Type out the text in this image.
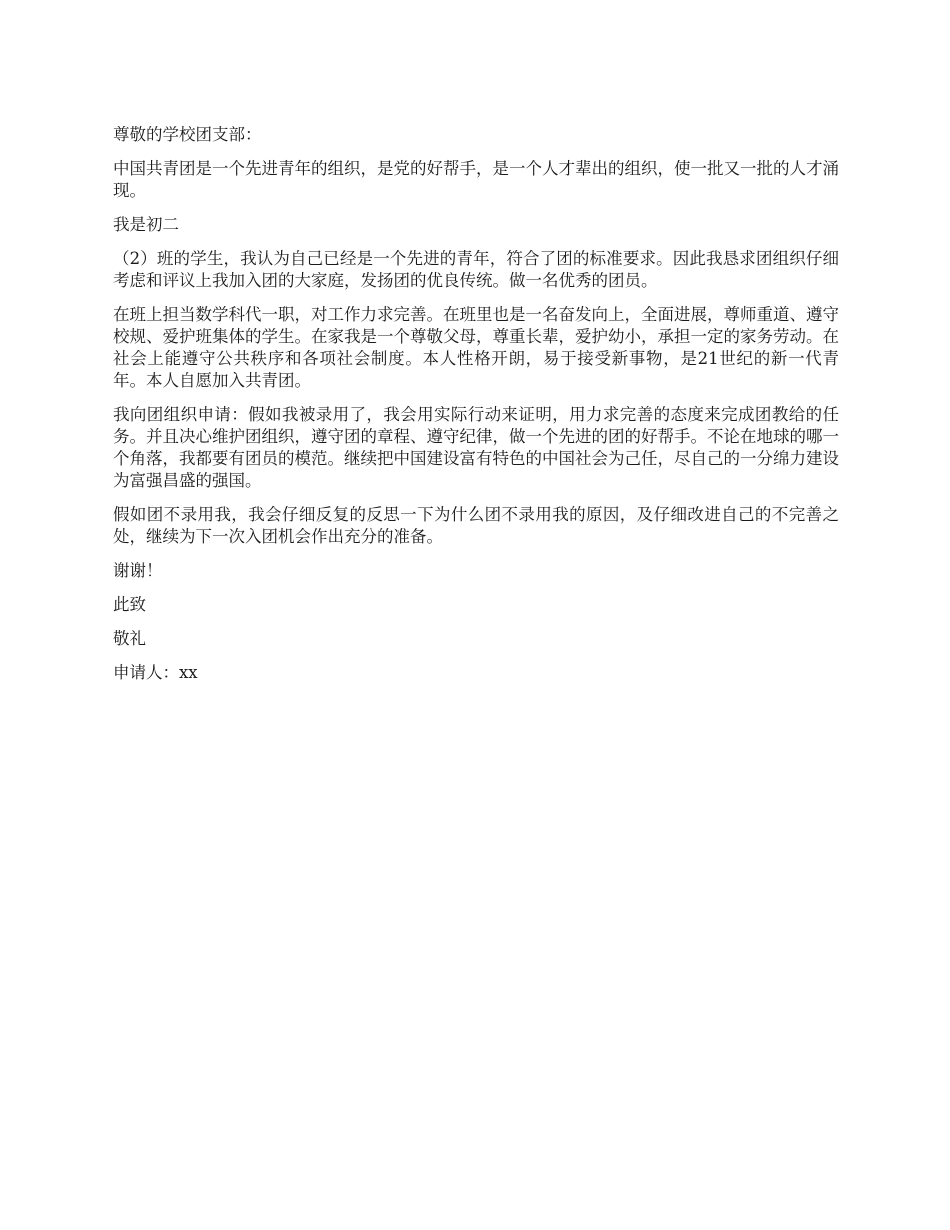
尊敬的学校团支部：

中国共青团是一个先进青年的组织，是党的好帮手，是一个人才辈出的组织，使一批又一批的人才涌现。

我是初二

（2）班的学生，我认为自己已经是一个先进的青年，符合了团的标准要求。因此我恳求团组织仔细考虑和评议上我加入团的大家庭，发扬团的优良传统。做一名优秀的团员。

在班上担当数学科代一职，对工作力求完善。在班里也是一名奋发向上，全面进展，尊师重道、遵守校规、爱护班集体的学生。在家我是一个尊敬父母，尊重长辈，爱护幼小，承担一定的家务劳动。在社会上能遵守公共秩序和各项社会制度。本人性格开朗，易于接受新事物，是21世纪的新一代青年。本人自愿加入共青团。

我向团组织申请：假如我被录用了，我会用实际行动来证明，用力求完善的态度来完成团教给的任务。并且决心维护团组织，遵守团的章程、遵守纪律，做一个先进的团的好帮手。不论在地球的哪一个角落，我都要有团员的模范。继续把中国建设富有特色的中国社会为己任，尽自己的一分绵力建设为富强昌盛的强国。

假如团不录用我，我会仔细反复的反思一下为什么团不录用我的原因，及仔细改进自己的不完善之处，继续为下一次入团机会作出充分的准备。

谢谢！

此致

敬礼

申请人：xx
